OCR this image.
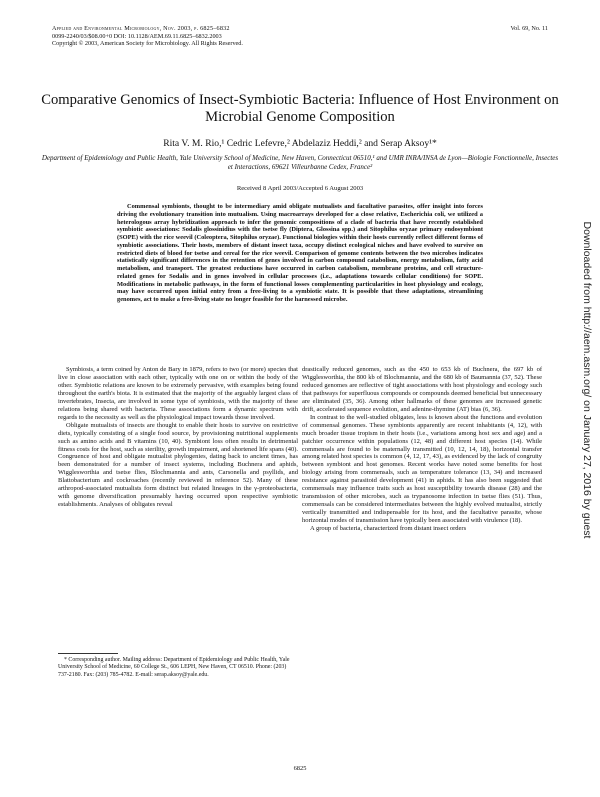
Applied and Environmental Microbiology, Nov. 2003, p. 6825–6832
0099-2240/03/$08.00+0 DOI: 10.1128/AEM.69.11.6825–6832.2003
Copyright © 2003, American Society for Microbiology. All Rights Reserved.
Vol. 69, No. 11
Comparative Genomics of Insect-Symbiotic Bacteria: Influence of Host Environment on Microbial Genome Composition
Rita V. M. Rio,¹ Cedric Lefevre,² Abdelaziz Heddi,² and Serap Aksoy¹*
Department of Epidemiology and Public Health, Yale University School of Medicine, New Haven, Connecticut 06510,¹ and UMR INRA/INSA de Lyon—Biologie Fonctionnelle, Insectes et Interactions, 69621 Villeurbanne Cedex, France²
Received 8 April 2003/Accepted 6 August 2003
Commensal symbionts, thought to be intermediary amid obligate mutualists and facultative parasites, offer insight into forces driving the evolutionary transition into mutualism. Using macroarrays developed for a close relative, Escherichia coli, we utilized a heterologous array hybridization approach to infer the genomic compositions of a clade of bacteria that have recently established symbiotic associations: Sodalis glossinidius with the tsetse fly (Diptera, Glossina spp.) and Sitophilus oryzae primary endosymbiont (SOPE) with the rice weevil (Coleoptera, Sitophilus oryzae). Functional biologies within their hosts currently reflect different forms of symbiotic associations. Their hosts, members of distant insect taxa, occupy distinct ecological niches and have evolved to survive on restricted diets of blood for tsetse and cereal for the rice weevil. Comparison of genome contents between the two microbes indicates statistically significant differences in the retention of genes involved in carbon compound catabolism, energy metabolism, fatty acid metabolism, and transport. The greatest reductions have occurred in carbon catabolism, membrane proteins, and cell structure-related genes for Sodalis and in genes involved in cellular processes (i.e., adaptations towards cellular conditions) for SOPE. Modifications in metabolic pathways, in the form of functional losses complementing particularities in host physiology and ecology, may have occurred upon initial entry from a free-living to a symbiotic state. It is possible that these adaptations, streamlining genomes, act to make a free-living state no longer feasible for the harnessed microbe.

Symbiosis, a term coined by Anton de Bary in 1879, refers to two (or more) species that live in close association with each other, typically with one on or within the body of the other. Symbiotic relations are known to be extremely pervasive, with examples being found throughout the earth's biota. It is estimated that the majority of the arguably largest class of invertebrates, Insecta, are involved in some type of symbiosis, with the majority of these relations being shared with bacteria. These associations form a dynamic spectrum with regards to the necessity as well as the physiological impact towards those involved.

Obligate mutualists of insects are thought to enable their hosts to survive on restrictive diets, typically consisting of a single food source, by provisioning nutritional supplements such as amino acids and B vitamins (10, 40). Symbiont loss often results in detrimental fitness costs for the host, such as sterility, growth impairment, and shortened life spans (40). Congruence of host and obligate mutualist phylogenies, dating back to ancient times, has been demonstrated for a number of insect systems, including Buchnera and aphids, Wigglesworthia and tsetse flies, Blochmannia and ants, Carsonella and psyllids, and Blattobacterium and cockroaches (recently reviewed in reference 52). Many of these arthropod-associated mutualists form distinct but related lineages in the γ-proteobacteria, with genome diversification presumably having occurred upon respective symbiotic establishments. Analyses of obligates reveal

drastically reduced genomes, such as the 450 to 653 kb of Buchnera, the 697 kb of Wigglesworthia, the 800 kb of Blochmannia, and the 680 kb of Baumannia (37, 52). These reduced genomes are reflective of tight associations with host physiology and ecology such that pathways for superfluous compounds or compounds deemed beneficial but unnecessary are eliminated (35, 36). Among other hallmarks of these genomes are increased genetic drift, accelerated sequence evolution, and adenine-thymine (AT) bias (6, 36).

In contrast to the well-studied obligates, less is known about the functions and evolution of commensal genomes. These symbionts apparently are recent inhabitants (4, 12), with much broader tissue tropism in their hosts (i.e., variations among host sex and age) and a patchier occurrence within populations (12, 48) and different host species (14). While commensals are found to be maternally transmitted (10, 12, 14, 18), horizontal transfer among related host species is common (4, 12, 17, 43), as evidenced by the lack of congruity between symbiont and host genomes. Recent works have noted some benefits for host biology arising from commensals, such as temperature tolerance (13, 34) and increased resistance against parasitoid development (41) in aphids. It has also been suggested that commensals may influence traits such as host susceptibility towards disease (28) and the transmission of other microbes, such as trypanosome infection in tsetse flies (51). Thus, commensals can be considered intermediates between the highly evolved mutualist, strictly vertically transmitted and indispensable for its host, and the facultative parasite, whose horizontal modes of transmission have typically been associated with virulence (18).

A group of bacteria, characterized from distant insect orders

* Corresponding author. Mailing address: Department of Epidemiology and Public Health, Yale University School of Medicine, 60 College St., 606 LEPH, New Haven, CT 06510. Phone: (203) 737-2180. Fax: (203) 785-4782. E-mail: serap.aksoy@yale.edu.
6825
Downloaded from http://aem.asm.org/ on January 27, 2016 by guest
